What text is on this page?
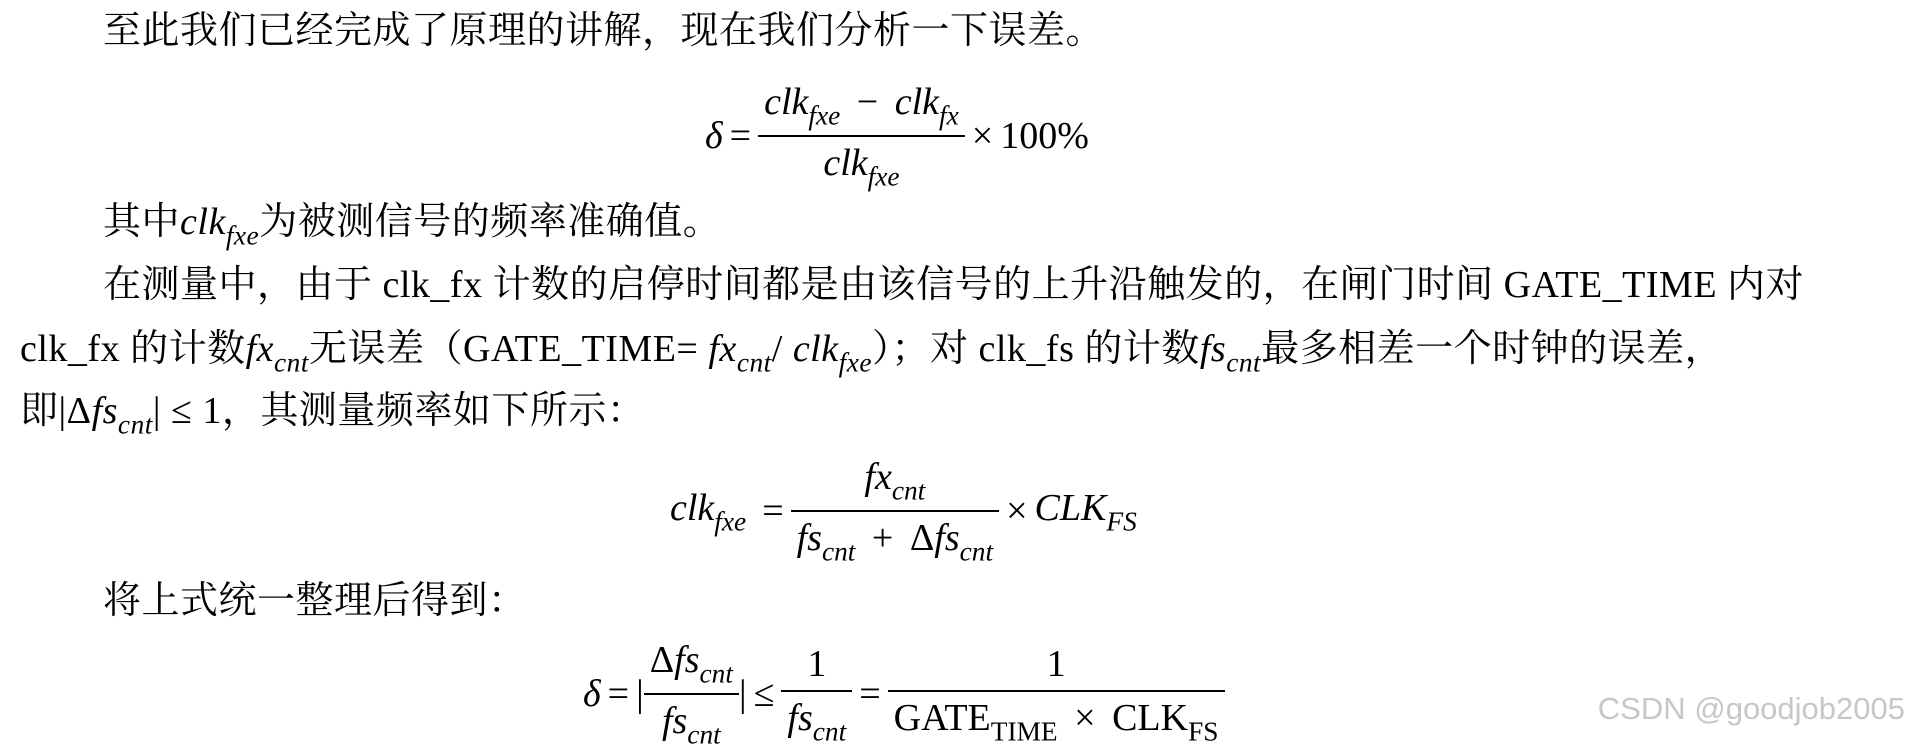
至此我们已经完成了原理的讲解，现在我们分析一下误差。
$\delta = \frac{clk_{fxe} - clk_{fx}}{clk_{fxe}} \times 100\%$
其中clk$_{fxe}$为被测信号的频率准确值。
在测量中，由于 clk_fx 计数的启停时间都是由该信号的上升沿触发的，在闸门时间 GATE_TIME 内对
clk_fx 的计数$fx_{cnt}$无误差（GATE_TIME= $fx_{cnt}/$ clk$_{fxe}$）；对 clk_fs 的计数$fs_{cnt}$最多相差一个时钟的误差，
即|Δfs$_{cnt}$| ≤ 1，其测量频率如下所示：
$clk_{fxe} = \frac{fx_{cnt}}{fs_{cnt} + \Delta fs_{cnt}} \times CLK_{FS}$
将上式统一整理后得到：
δ = | $\frac{\Delta fs_{cnt}}{fs_{cnt}}$ | ≤ $\frac{1}{fs_{cnt}} = \frac{1}{GATE_{TIME} \times CLK_{FS}}$	CSDN @goodjob2005
